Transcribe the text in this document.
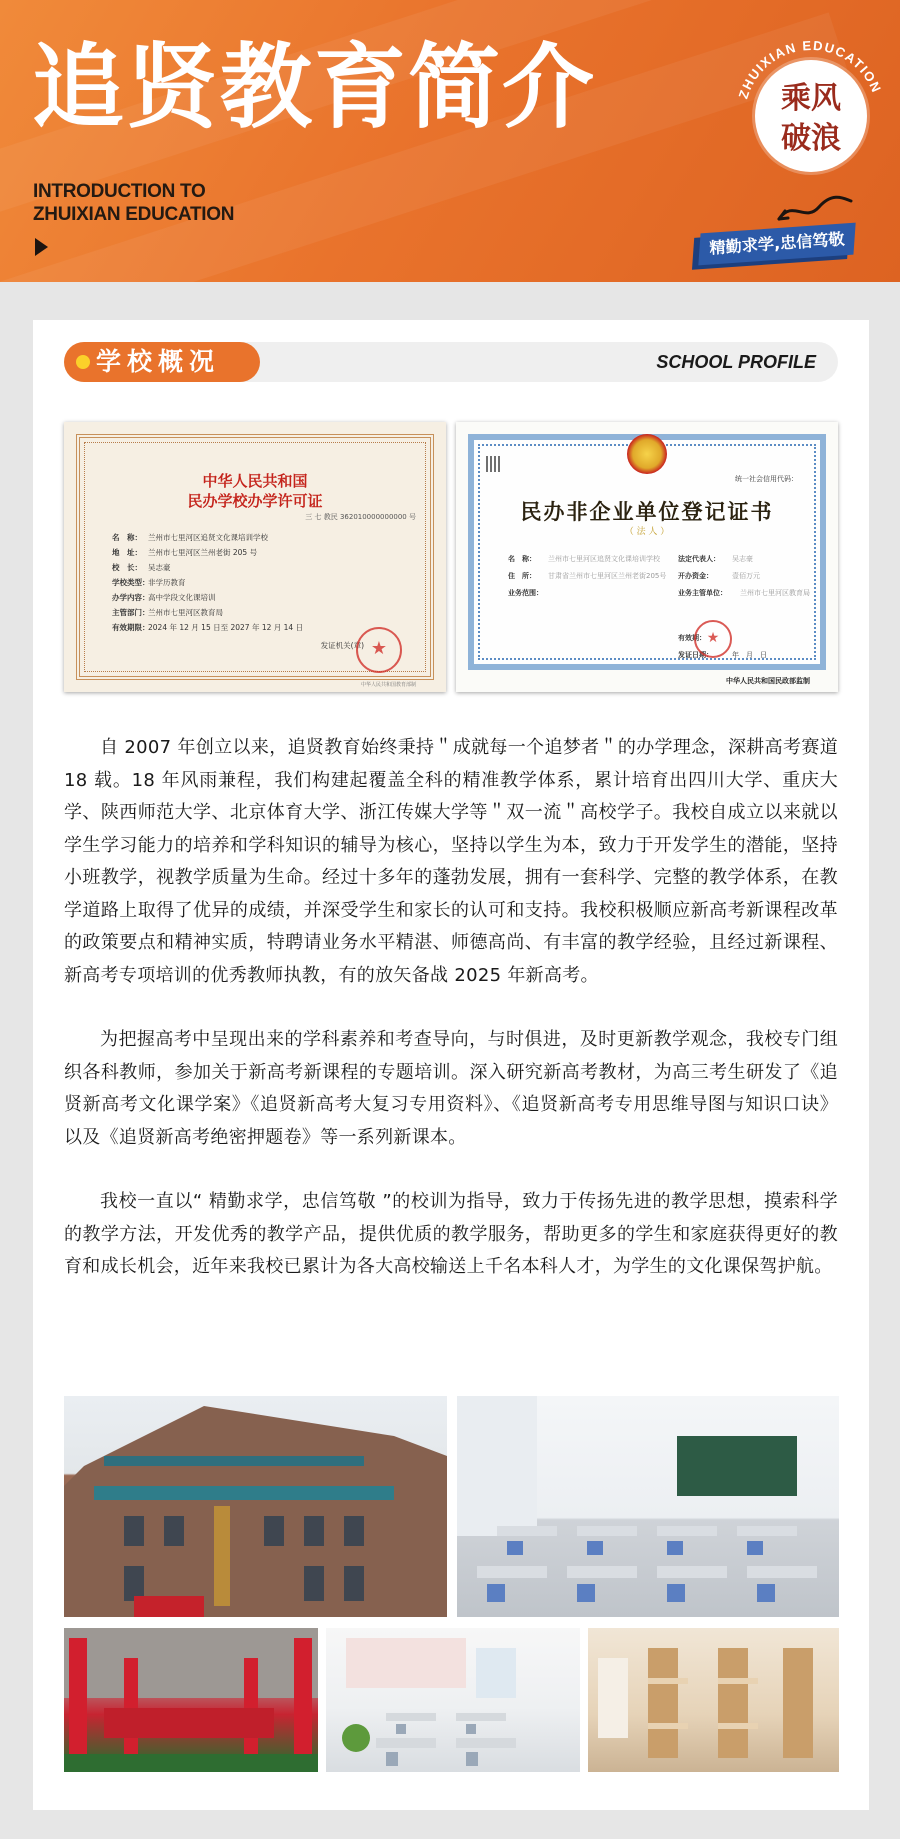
追贤教育简介
INTRODUCTION TO
ZHUIXIAN EDUCATION
ZHUIXIAN EDUCATION
乘风
破浪
精勤求学,忠信笃敬
学校概况	SCHOOL PROFILE
中华人民共和国
民办学校办学许可证
三 七 教民 362010000000000 号
名　称： 兰州市七里河区追贤文化课培训学校
地　址： 兰州市七里河区兰州老街 205 号
校　长： 吴志豪
学校类型：非学历教育
办学内容：高中学段文化课培训
主管部门：兰州市七里河区教育局
有效期限：2024 年 12 月 15 日至 2027 年 12 月 14 日
发证机关(章) ★
中华人民共和国教育部制
统一社会信用代码：
民办非企业单位登记证书
（ 法 人 ）
名　称： 兰州市七里河区追贤文化课培训学校
住　所： 甘肃省兰州市七里河区兰州老街205号
业务范围：
法定代表人： 吴志豪
开办资金：	壹佰万元
业务主管单位： 兰州市七里河区教育局
有效期：
发证日期：	年　月　日
★
中华人民共和国民政部监制

自 2007 年创立以来，追贤教育始终秉持＂成就每一个追梦者＂的办学理念，深耕高考赛道 18 载。18 年风雨兼程，我们构建起覆盖全科的精准教学体系，累计培育出四川大学、重庆大学、陕西师范大学、北京体育大学、浙江传媒大学等＂双一流＂高校学子。我校自成立以来就以学生学习能力的培养和学科知识的辅导为核心，坚持以学生为本，致力于开发学生的潜能，坚持小班教学，视教学质量为生命。经过十多年的蓬勃发展，拥有一套科学、完整的教学体系，在教学道路上取得了优异的成绩，并深受学生和家长的认可和支持。我校积极顺应新高考新课程改革的政策要点和精神实质，特聘请业务水平精湛、师德高尚、有丰富的教学经验，且经过新课程、新高考专项培训的优秀教师执教，有的放矢备战 2025 年新高考。

为把握高考中呈现出来的学科素养和考查导向，与时俱进，及时更新教学观念，我校专门组织各科教师，参加关于新高考新课程的专题培训。深入研究新高考教材，为高三考生研发了《追贤新高考文化课学案》《追贤新高考大复习专用资料》、《追贤新高考专用思维导图与知识口诀》以及《追贤新高考绝密押题卷》等一系列新课本。

我校一直以“ 精勤求学，忠信笃敬 ”的校训为指导，致力于传扬先进的教学思想，摸索科学的教学方法，开发优秀的教学产品，提供优质的教学服务，帮助更多的学生和家庭获得更好的教育和成长机会，近年来我校已累计为各大高校输送上千名本科人才，为学生的文化课保驾护航。
